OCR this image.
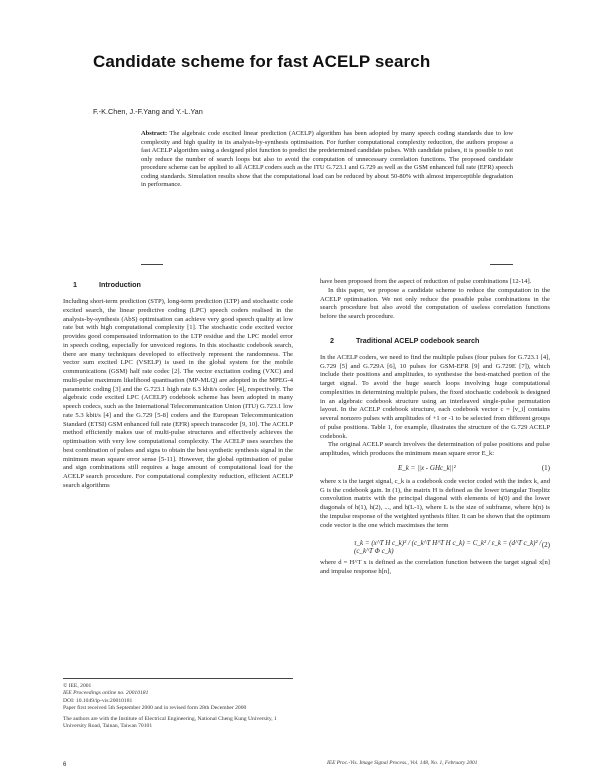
Candidate scheme for fast ACELP search

F.-K.Chen, J.-F.Yang and Y.-L.Yan

Abstract: The algebraic code excited linear prediction (ACELP) algorithm has been adopted by many speech coding standards due to low complexity and high quality in its analysis-by-synthesis optimisation. For further computational complexity reduction, the authors propose a fast ACELP algorithm using a designed pilot function to predict the predetermined candidate pulses. With candidate pulses, it is possible to not only reduce the number of search loops but also to avoid the computation of unnecessary correlation functions. The proposed candidate procedure scheme can be applied to all ACELP coders such as the ITU G.723.1 and G.729 as well as the GSM enhanced full rate (EFR) speech coding standards. Simulation results show that the computational load can be reduced by about 50-80% with almost imperceptible degradation in performance.

1	Introduction

Including short-term prediction (STP), long-term prediction (LTP) and stochastic code excited search, the linear predictive coding (LPC) speech coders realised in the analysis-by-synthesis (AbS) optimisation can achieve very good speech quality at low rate but with high computational complexity [1]. The stochastic code excited vector provides good compensated information to the LTP residue and the LPC model error in speech coding, especially for unvoiced regions. In this stochastic codebook search, there are many techniques developed to effectively represent the randomness. The vector sum excited LPC (VSELP) is used in the global system for the mobile communications (GSM) half rate codec [2]. The vector excitation coding (VXC) and multi-pulse maximum likelihood quantisation (MP-MLQ) are adopted in the MPEG-4 parametric coding [3] and the G.723.1 high rate 6.3 kbit/s codec [4], respectively. The algebraic code excited LPC (ACELP) codebook scheme has been adopted in many speech codecs, such as the International Telecommunication Union (ITU) G.723.1 low rate 5.3 kbit/s [4] and the G.729 [5-8] coders and the European Telecommunication Standard (ETSI) GSM enhanced full rate (EFR) speech transcoder [9, 10]. The ACELP method efficiently makes use of multi-pulse structures and effectively achieves the optimisation with very low computational complexity. The ACELP uses searches the best combination of pulses and signs to obtain the best synthetic synthesis signal in the minimum mean square error sense [5-11]. However, the global optimisation of pulse and sign combinations still requires a huge amount of computational load for the ACELP search procedure. For computational complexity reduction, efficient ACELP search algorithms

have been proposed from the aspect of reduction of pulse combinations [12-14].

In this paper, we propose a candidate scheme to reduce the computation in the ACELP optimisation. We not only reduce the possible pulse combinations in the search procedure but also avoid the computation of useless correlation functions before the search procedure.

2	Traditional ACELP codebook search

In the ACELP coders, we need to find the multiple pulses (four pulses for G.723.1 [4], G.729 [5] and G.729A [6], 10 pulses for GSM-EFR [9] and G.729E [7]), which include their positions and amplitudes, to synthesise the best-matched portion of the target signal. To avoid the huge search loops involving huge computational complexities in determining multiple pulses, the fixed stochastic codebook is designed in an algebraic codebook structure using an interleaved single-pulse permutation layout. In the ACELP codebook structure, each codebook vector c = [v_i] contains several nonzero pulses with amplitudes of +1 or -1 to be selected from different groups of pulse positions. Table 1, for example, illustrates the structure of the G.729 ACELP codebook.

The original ACELP search involves the determination of pulse positions and pulse amplitudes, which produces the minimum mean square error E_k:

E_k = ||x - GHc_k||²	(1)

where x is the target signal, c_k is a codebook code vector coded with the index k, and G is the codebook gain. In (1), the matrix H is defined as the lower triangular Toeplitz convolution matrix with the principal diagonal with elements of h(0) and the lower diagonals of h(1), h(2), ..., and h(L-1), where L is the size of subframe, where h(n) is the impulse response of the weighted synthesis filter. It can be shown that the optimum code vector is the one which maximises the term

τ_k = (x^T H c_k)² / (c_k^T H^T H c_k) = C_k² / ε_k = (d^T c_k)² / (c_k^T Φ c_k)
(2)

where d = H^T x is defined as the correlation function between the target signal x[n] and impulse response h[n],

© IEE, 2001
IEE Proceedings online no. 20010181
DOI: 10.1049/ip-vis:20010181
Paper first received 5th September 2000 and in revised form 28th December 2000
The authors are with the Institute of Electrical Engineering, National Cheng Kung University, 1 University Road, Tainan, Taiwan 70101
6	IEE Proc.-Vis. Image Signal Process., Vol. 148, No. 1, February 2001
